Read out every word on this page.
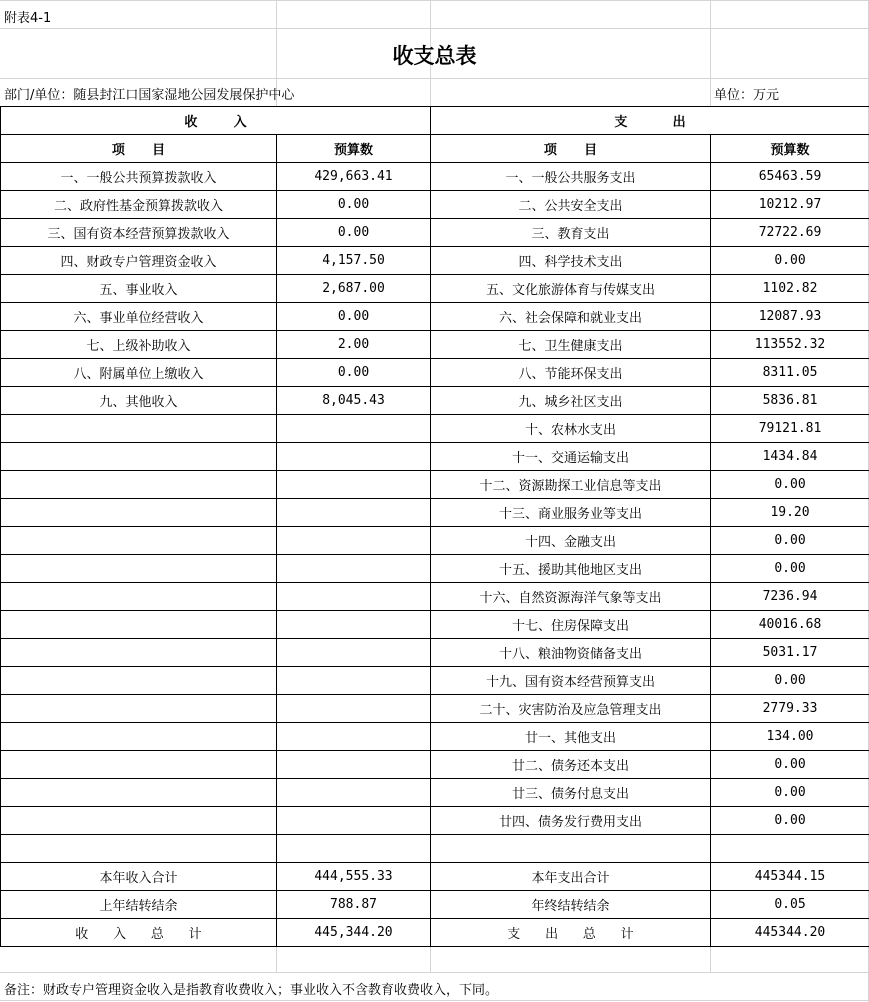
附表4-1
收支总表
部门/单位：随县封江口国家湿地公园发展保护中心	单位：万元
收        入		支          出	
项      目	预算数	项      目	预算数
一、一般公共预算拨款收入	429,663.41	一、一般公共服务支出	65463.59
二、政府性基金预算拨款收入	0.00	二、公共安全支出	10212.97
三、国有资本经营预算拨款收入	0.00	三、教育支出	72722.69
四、财政专户管理资金收入	4,157.50	四、科学技术支出	0.00
五、事业收入	2,687.00	五、文化旅游体育与传媒支出	1102.82
六、事业单位经营收入	0.00	六、社会保障和就业支出	12087.93
七、上级补助收入	2.00	七、卫生健康支出	113552.32
八、附属单位上缴收入	0.00	八、节能环保支出	8311.05
九、其他收入	8,045.43	九、城乡社区支出	5836.81
		十、农林水支出	79121.81
		十一、交通运输支出	1434.84
		十二、资源勘探工业信息等支出	0.00
		十三、商业服务业等支出	19.20
		十四、金融支出	0.00
		十五、援助其他地区支出	0.00
		十六、自然资源海洋气象等支出	7236.94
		十七、住房保障支出	40016.68
		十八、粮油物资储备支出	5031.17
		十九、国有资本经营预算支出	0.00
		二十、灾害防治及应急管理支出	2779.33
		廿一、其他支出	134.00
		廿二、债务还本支出	0.00
		廿三、债务付息支出	0.00
		廿四、债务发行费用支出	0.00

本年收入合计	444,555.33	本年支出合计	445344.15
上年结转结余	788.87	年终结转结余	0.05
收      入      总      计	445,344.20	支      出      总      计	445344.20
备注：财政专户管理资金收入是指教育收费收入；事业收入不含教育收费收入，下同。
